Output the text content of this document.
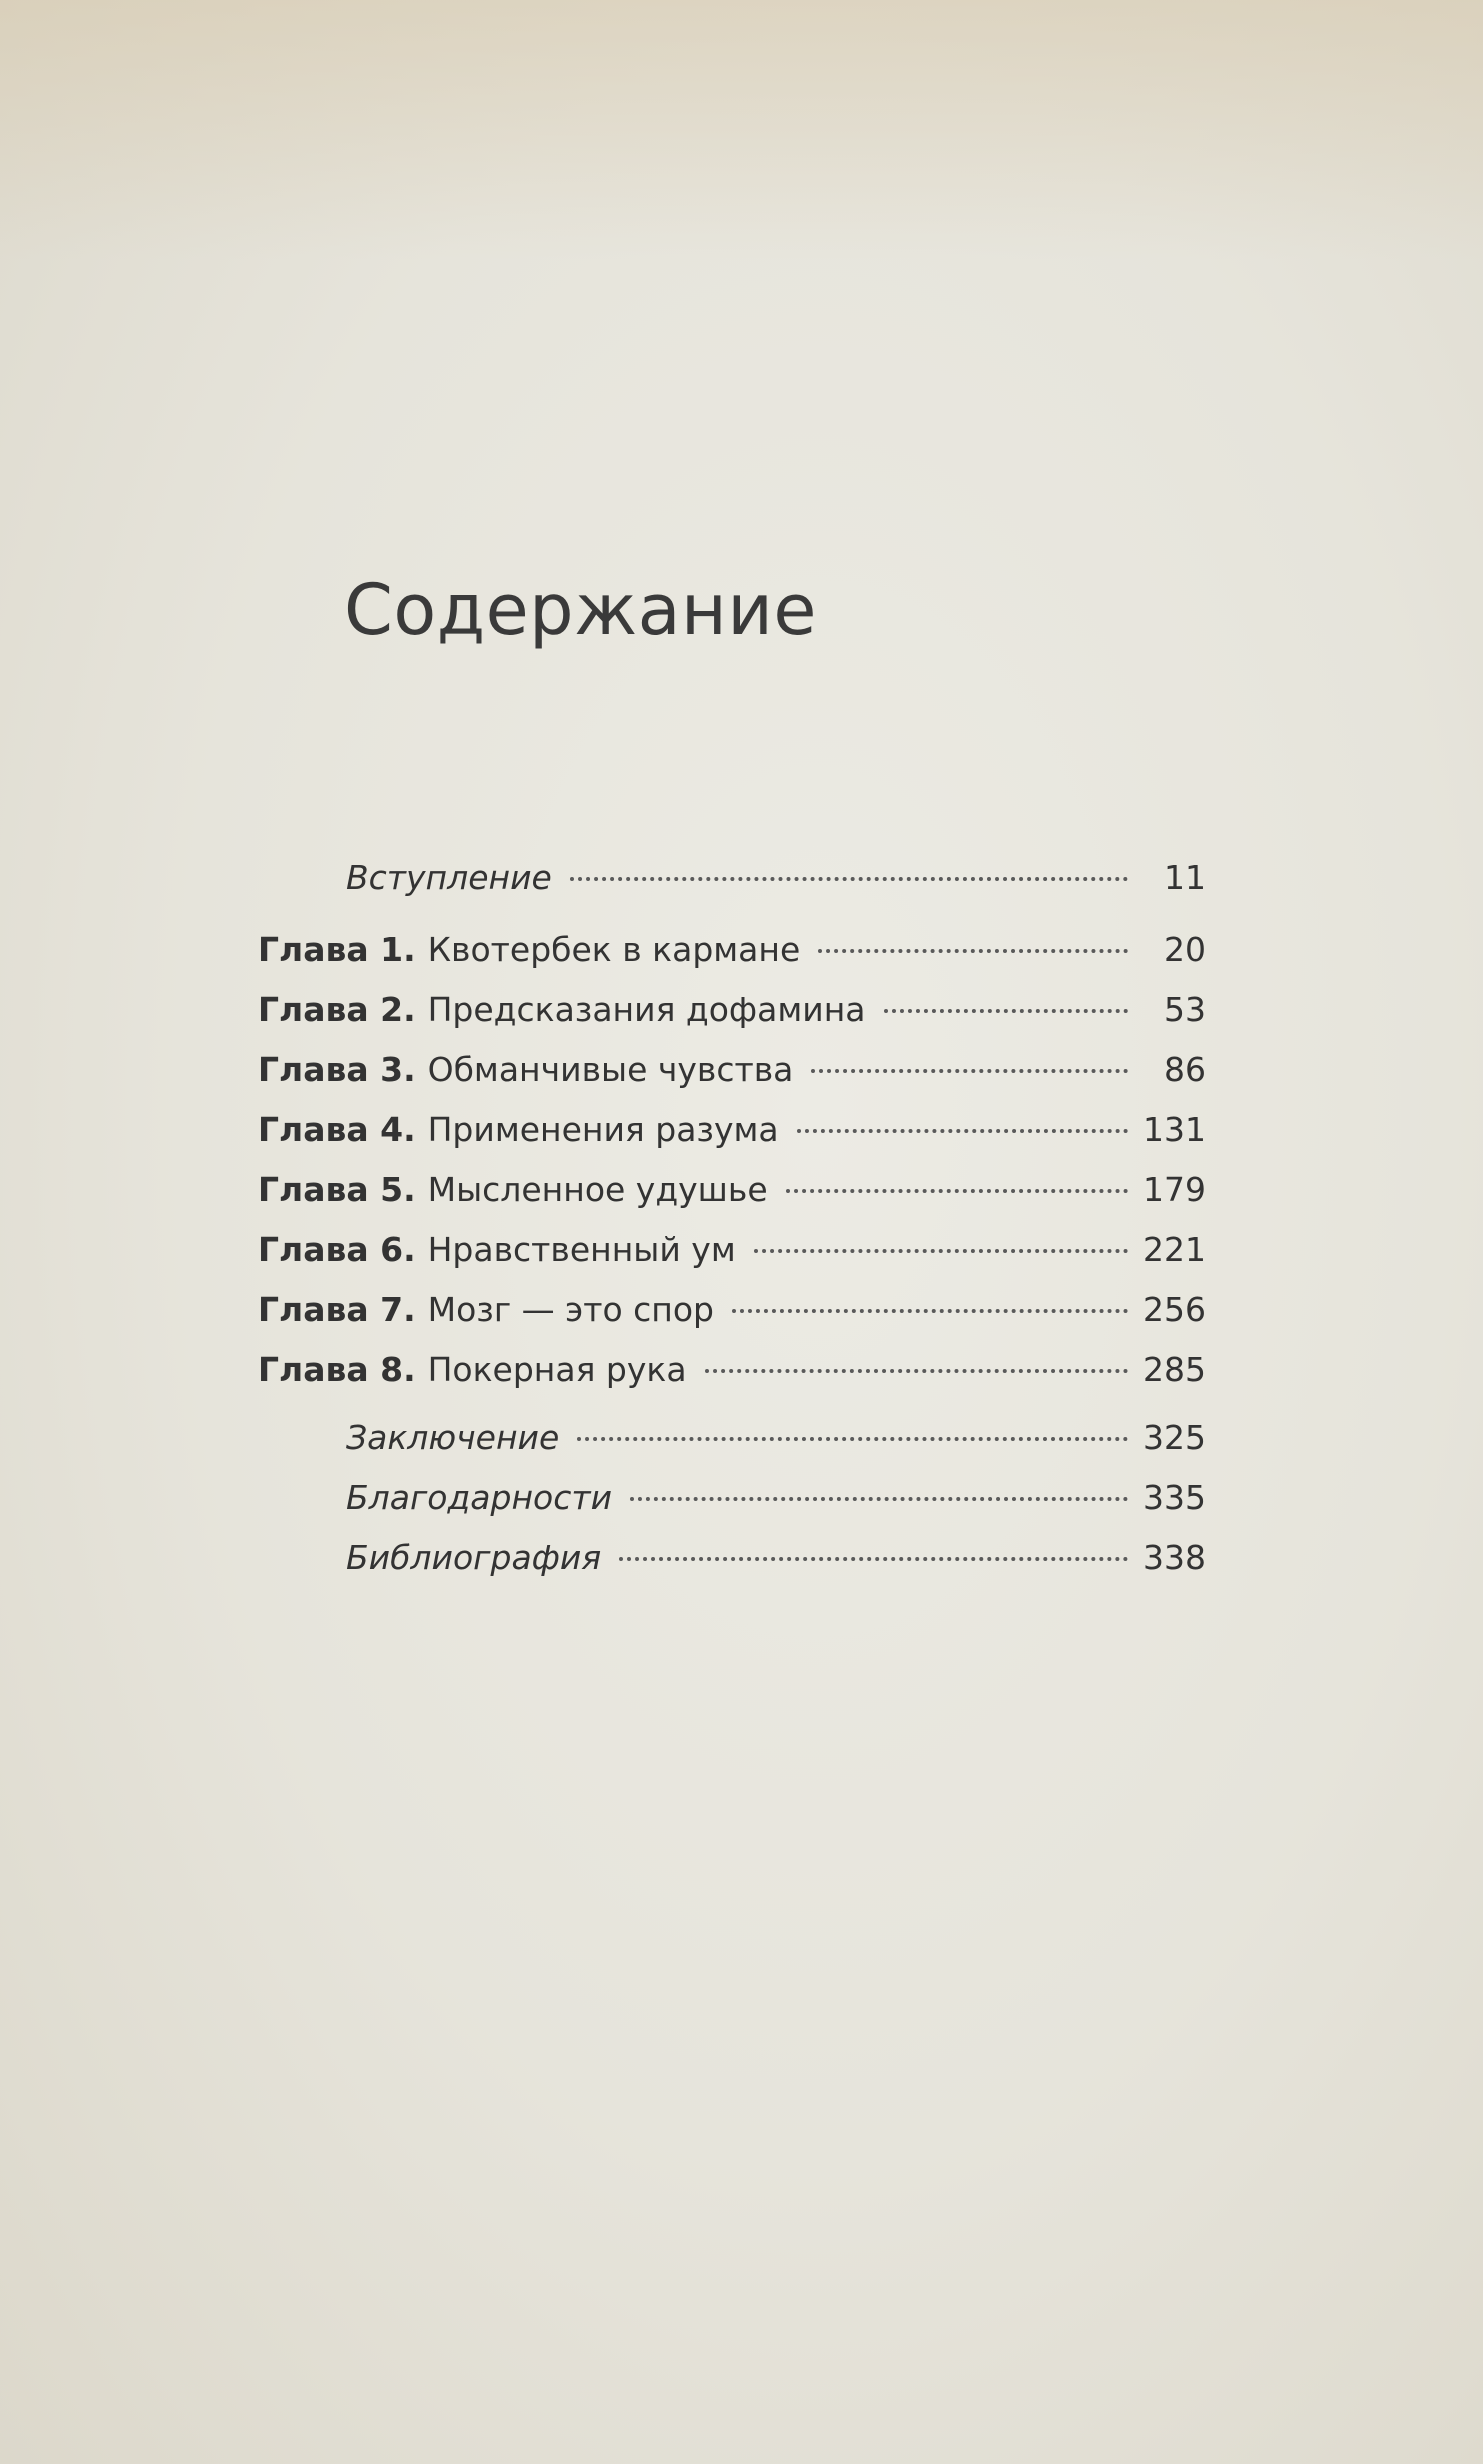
Содержание
Вступление	11
Глава 1. Квотербек в кармане	20
Глава 2. Предсказания дофамина	53
Глава 3. Обманчивые чувства	86
Глава 4. Применения разума	131
Глава 5. Мысленное удушье	179
Глава 6. Нравственный ум	221
Глава 7. Мозг — это спор	256
Глава 8. Покерная рука	285
Заключение	325
Благодарности	335
Библиография	338
